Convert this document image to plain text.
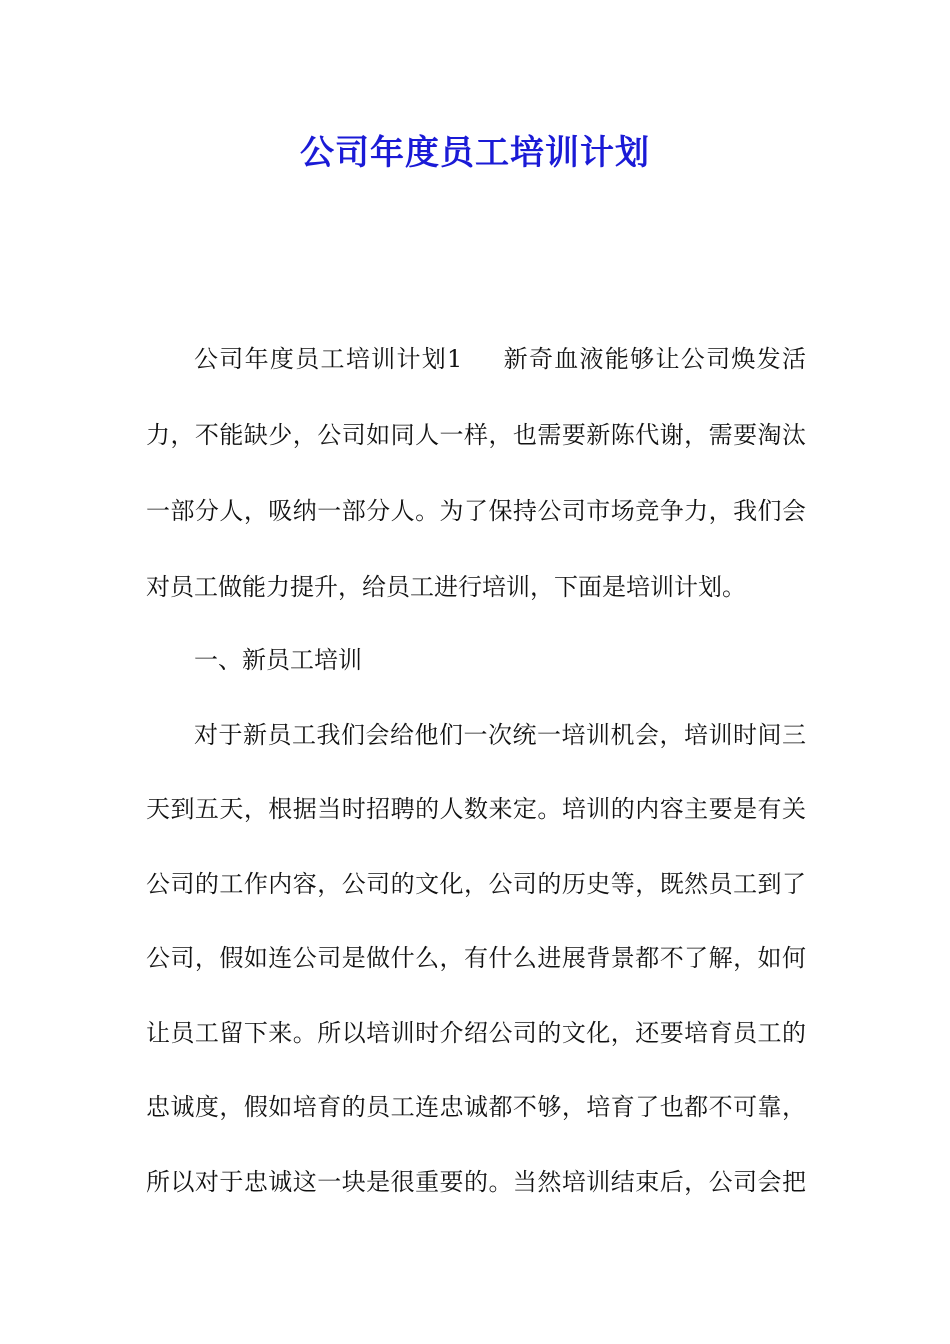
公司年度员工培训计划
公司年度员工培训计划1 新奇血液能够让公司焕发活
力，不能缺少，公司如同人一样，也需要新陈代谢，需要淘汰
一部分人，吸纳一部分人。为了保持公司市场竞争力，我们会
对员工做能力提升，给员工进行培训，下面是培训计划。
一、新员工培训
对于新员工我们会给他们一次统一培训机会，培训时间三
天到五天，根据当时招聘的人数来定。培训的内容主要是有关
公司的工作内容，公司的文化，公司的历史等，既然员工到了
公司，假如连公司是做什么，有什么进展背景都不了解，如何
让员工留下来。所以培训时介绍公司的文化，还要培育员工的
忠诚度，假如培育的员工连忠诚都不够，培育了也都不可靠，
所以对于忠诚这一块是很重要的。当然培训结束后，公司会把
